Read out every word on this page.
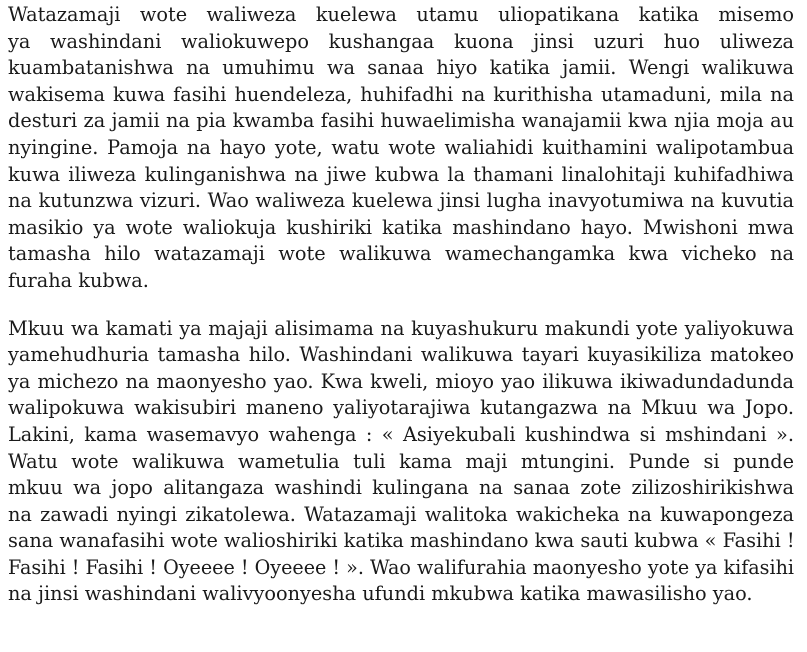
Watazamaji wote waliweza kuelewa utamu uliopatikana katika misemo
ya washindani waliokuwepo kushangaa kuona jinsi uzuri huo uliweza
kuambatanishwa na umuhimu wa sanaa hiyo katika jamii. Wengi walikuwa
wakisema kuwa fasihi huendeleza, huhifadhi na kurithisha utamaduni, mila na
desturi za jamii na pia kwamba fasihi huwaelimisha wanajamii kwa njia moja au
nyingine. Pamoja na hayo yote, watu wote waliahidi kuithamini walipotambua
kuwa iliweza kulinganishwa na jiwe kubwa la thamani linalohitaji kuhifadhiwa
na kutunzwa vizuri. Wao waliweza kuelewa jinsi lugha inavyotumiwa na kuvutia
masikio ya wote waliokuja kushiriki katika mashindano hayo. Mwishoni mwa
tamasha hilo watazamaji wote walikuwa wamechangamka kwa vicheko na
furaha kubwa.
Mkuu wa kamati ya majaji alisimama na kuyashukuru makundi yote yaliyokuwa
yamehudhuria tamasha hilo. Washindani walikuwa tayari kuyasikiliza matokeo
ya michezo na maonyesho yao. Kwa kweli, mioyo yao ilikuwa ikiwadundadunda
walipokuwa wakisubiri maneno yaliyotarajiwa kutangazwa na Mkuu wa Jopo.
Lakini, kama wasemavyo wahenga : « Asiyekubali kushindwa si mshindani ».
Watu wote walikuwa wametulia tuli kama maji mtungini. Punde si punde
mkuu wa jopo alitangaza washindi kulingana na sanaa zote zilizoshirikishwa
na zawadi nyingi zikatolewa. Watazamaji walitoka wakicheka na kuwapongeza
sana wanafasihi wote walioshiriki katika mashindano kwa sauti kubwa « Fasihi !
Fasihi ! Fasihi ! Oyeeee ! Oyeeee ! ». Wao walifurahia maonyesho yote ya kifasihi
na jinsi washindani walivyoonyesha ufundi mkubwa katika mawasilisho yao.
